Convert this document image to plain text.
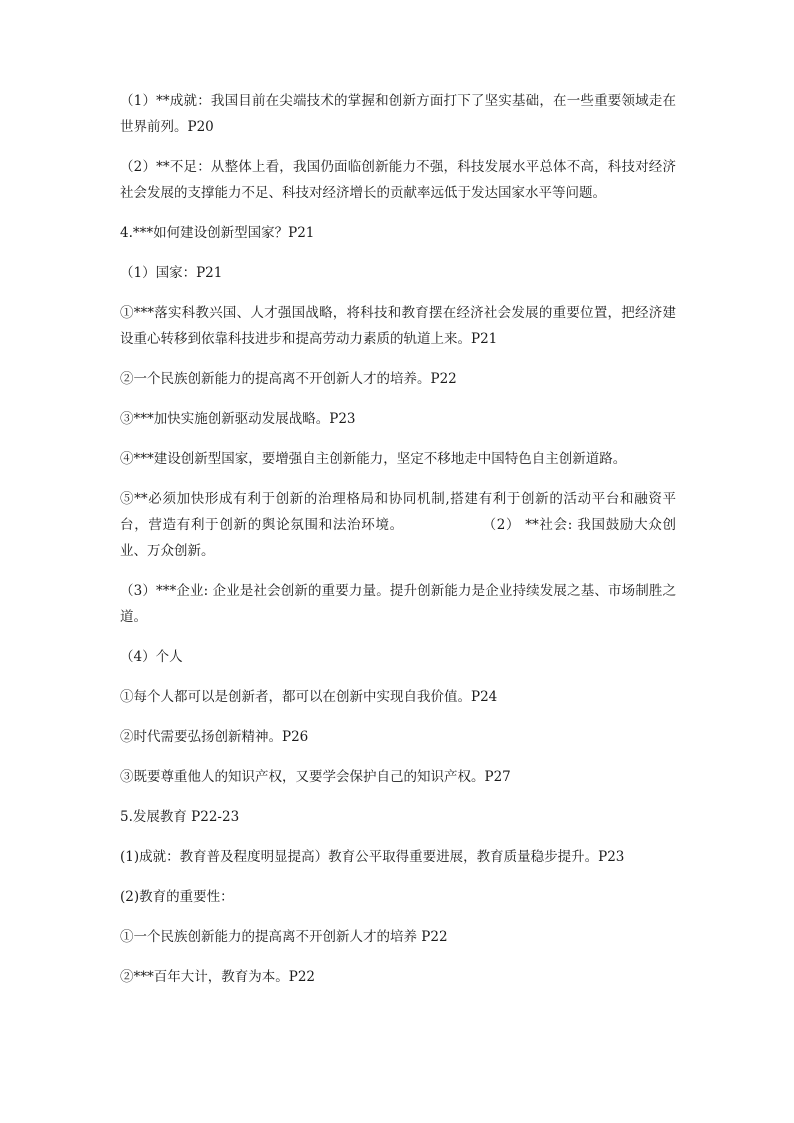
（1）**成就：我国目前在尖端技术的掌握和创新方面打下了坚实基础，在一些重要领域走在世界前列。P20

（2）**不足：从整体上看，我国仍面临创新能力不强，科技发展水平总体不高，科技对经济社会发展的支撑能力不足、科技对经济增长的贡献率远低于发达国家水平等问题。

4.***如何建设创新型国家？P21

（1）国家：P21

①***落实科教兴国、人才强国战略，将科技和教育摆在经济社会发展的重要位置，把经济建设重心转移到依靠科技进步和提高劳动力素质的轨道上来。P21

②一个民族创新能力的提高离不开创新人才的培养。P22

③***加快实施创新驱动发展战略。P23

④***建设创新型国家，要增强自主创新能力，坚定不移地走中国特色自主创新道路。

⑤**必须加快形成有利于创新的治理格局和协同机制,搭建有利于创新的活动平台和融资平台，营造有利于创新的舆论氛围和法治环境。	（2） **社会: 我国鼓励大众创业、万众创新。

（3）***企业: 企业是社会创新的重要力量。提升创新能力是企业持续发展之基、市场制胜之道。

（4）个人

①每个人都可以是创新者，都可以在创新中实现自我价值。P24

②时代需要弘扬创新精神。P26

③既要尊重他人的知识产权，又要学会保护自己的知识产权。P27

5.发展教育 P22-23

(1)成就：教育普及程度明显提高）教育公平取得重要进展，教育质量稳步提升。P23

(2)教育的重要性：

①一个民族创新能力的提高离不开创新人才的培养 P22

②***百年大计，教育为本。P22
